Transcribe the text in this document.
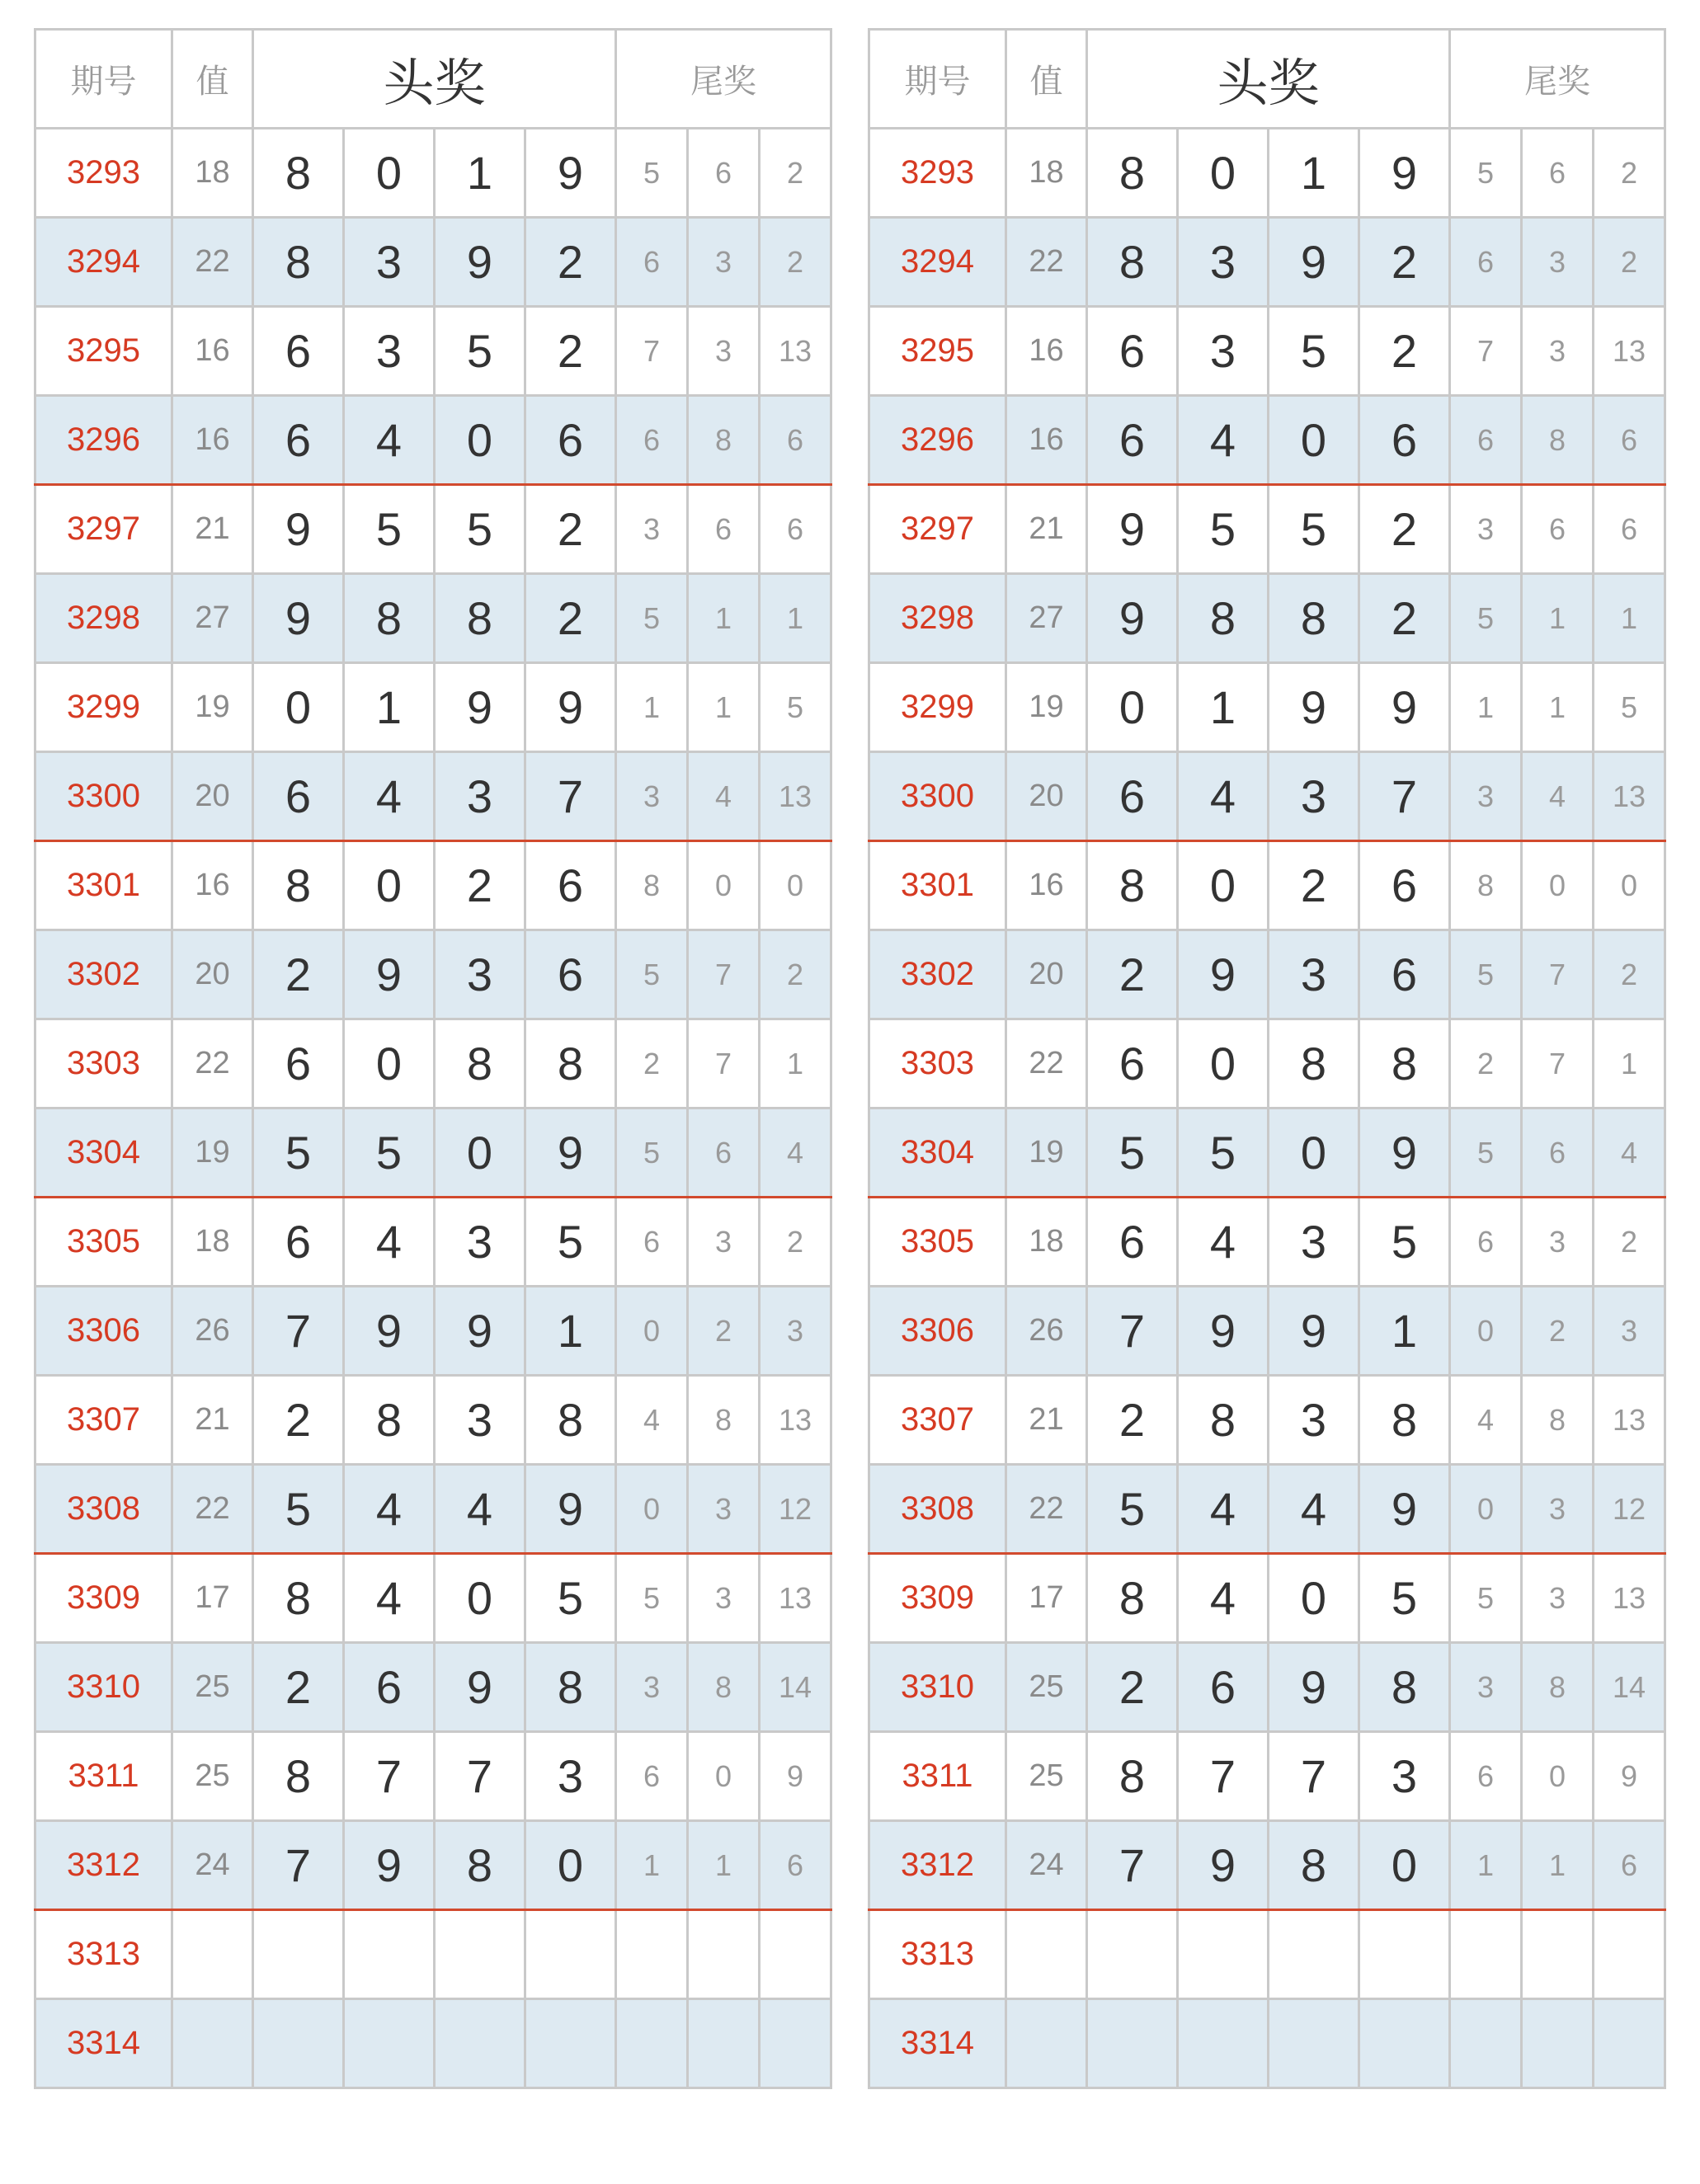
期号	值	头奖				尾奖		
3293	18	8	0	1	9	5	6	2
3294	22	8	3	9	2	6	3	2
3295	16	6	3	5	2	7	3	13
3296	16	6	4	0	6	6	8	6
3297	21	9	5	5	2	3	6	6
3298	27	9	8	8	2	5	1	1
3299	19	0	1	9	9	1	1	5
3300	20	6	4	3	7	3	4	13
3301	16	8	0	2	6	8	0	0
3302	20	2	9	3	6	5	7	2
3303	22	6	0	8	8	2	7	1
3304	19	5	5	0	9	5	6	4
3305	18	6	4	3	5	6	3	2
3306	26	7	9	9	1	0	2	3
3307	21	2	8	3	8	4	8	13
3308	22	5	4	4	9	0	3	12
3309	17	8	4	0	5	5	3	13
3310	25	2	6	9	8	3	8	14
3311	25	8	7	7	3	6	0	9
3312	24	7	9	8	0	1	1	6
3313								
3314								
期号	值	头奖				尾奖		
3293	18	8	0	1	9	5	6	2
3294	22	8	3	9	2	6	3	2
3295	16	6	3	5	2	7	3	13
3296	16	6	4	0	6	6	8	6
3297	21	9	5	5	2	3	6	6
3298	27	9	8	8	2	5	1	1
3299	19	0	1	9	9	1	1	5
3300	20	6	4	3	7	3	4	13
3301	16	8	0	2	6	8	0	0
3302	20	2	9	3	6	5	7	2
3303	22	6	0	8	8	2	7	1
3304	19	5	5	0	9	5	6	4
3305	18	6	4	3	5	6	3	2
3306	26	7	9	9	1	0	2	3
3307	21	2	8	3	8	4	8	13
3308	22	5	4	4	9	0	3	12
3309	17	8	4	0	5	5	3	13
3310	25	2	6	9	8	3	8	14
3311	25	8	7	7	3	6	0	9
3312	24	7	9	8	0	1	1	6
3313								
3314								
